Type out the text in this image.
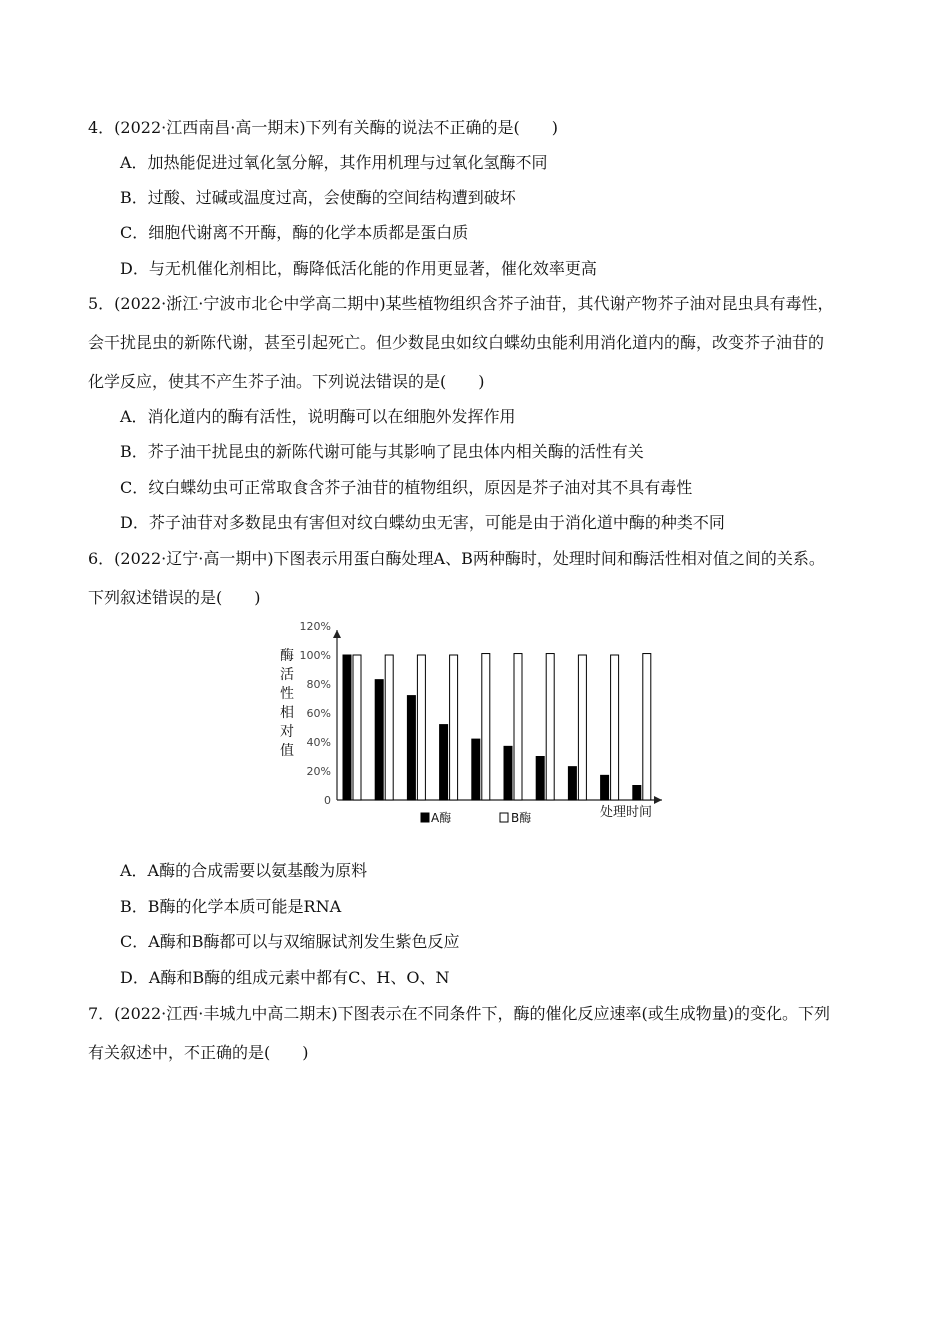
4．(2022·江西南昌·高一期末)下列有关酶的说法不正确的是(　　)
A．加热能促进过氧化氢分解，其作用机理与过氧化氢酶不同
B．过酸、过碱或温度过高，会使酶的空间结构遭到破坏
C．细胞代谢离不开酶，酶的化学本质都是蛋白质
D．与无机催化剂相比，酶降低活化能的作用更显著，催化效率更高
5．(2022·浙江·宁波市北仑中学高二期中)某些植物组织含芥子油苷，其代谢产物芥子油对昆虫具有毒性，
会干扰昆虫的新陈代谢，甚至引起死亡。但少数昆虫如纹白蝶幼虫能利用消化道内的酶，改变芥子油苷的
化学反应，使其不产生芥子油。下列说法错误的是(　　)
A．消化道内的酶有活性，说明酶可以在细胞外发挥作用
B．芥子油干扰昆虫的新陈代谢可能与其影响了昆虫体内相关酶的活性有关
C．纹白蝶幼虫可正常取食含芥子油苷的植物组织，原因是芥子油对其不具有毒性
D．芥子油苷对多数昆虫有害但对纹白蝶幼虫无害，可能是由于消化道中酶的种类不同
6．(2022·辽宁·高一期中)下图表示用蛋白酶处理A、B两种酶时，处理时间和酶活性相对值之间的关系。
下列叙述错误的是(　　)
0
20%
40%
60%
80%
100%
120%
酶
活
性
相
对
值
处理时间
A酶	B酶
A．A酶的合成需要以氨基酸为原料
B．B酶的化学本质可能是RNA
C．A酶和B酶都可以与双缩脲试剂发生紫色反应
D．A酶和B酶的组成元素中都有C、H、O、N
7．(2022·江西·丰城九中高二期末)下图表示在不同条件下，酶的催化反应速率(或生成物量)的变化。下列
有关叙述中，不正确的是(　　)
